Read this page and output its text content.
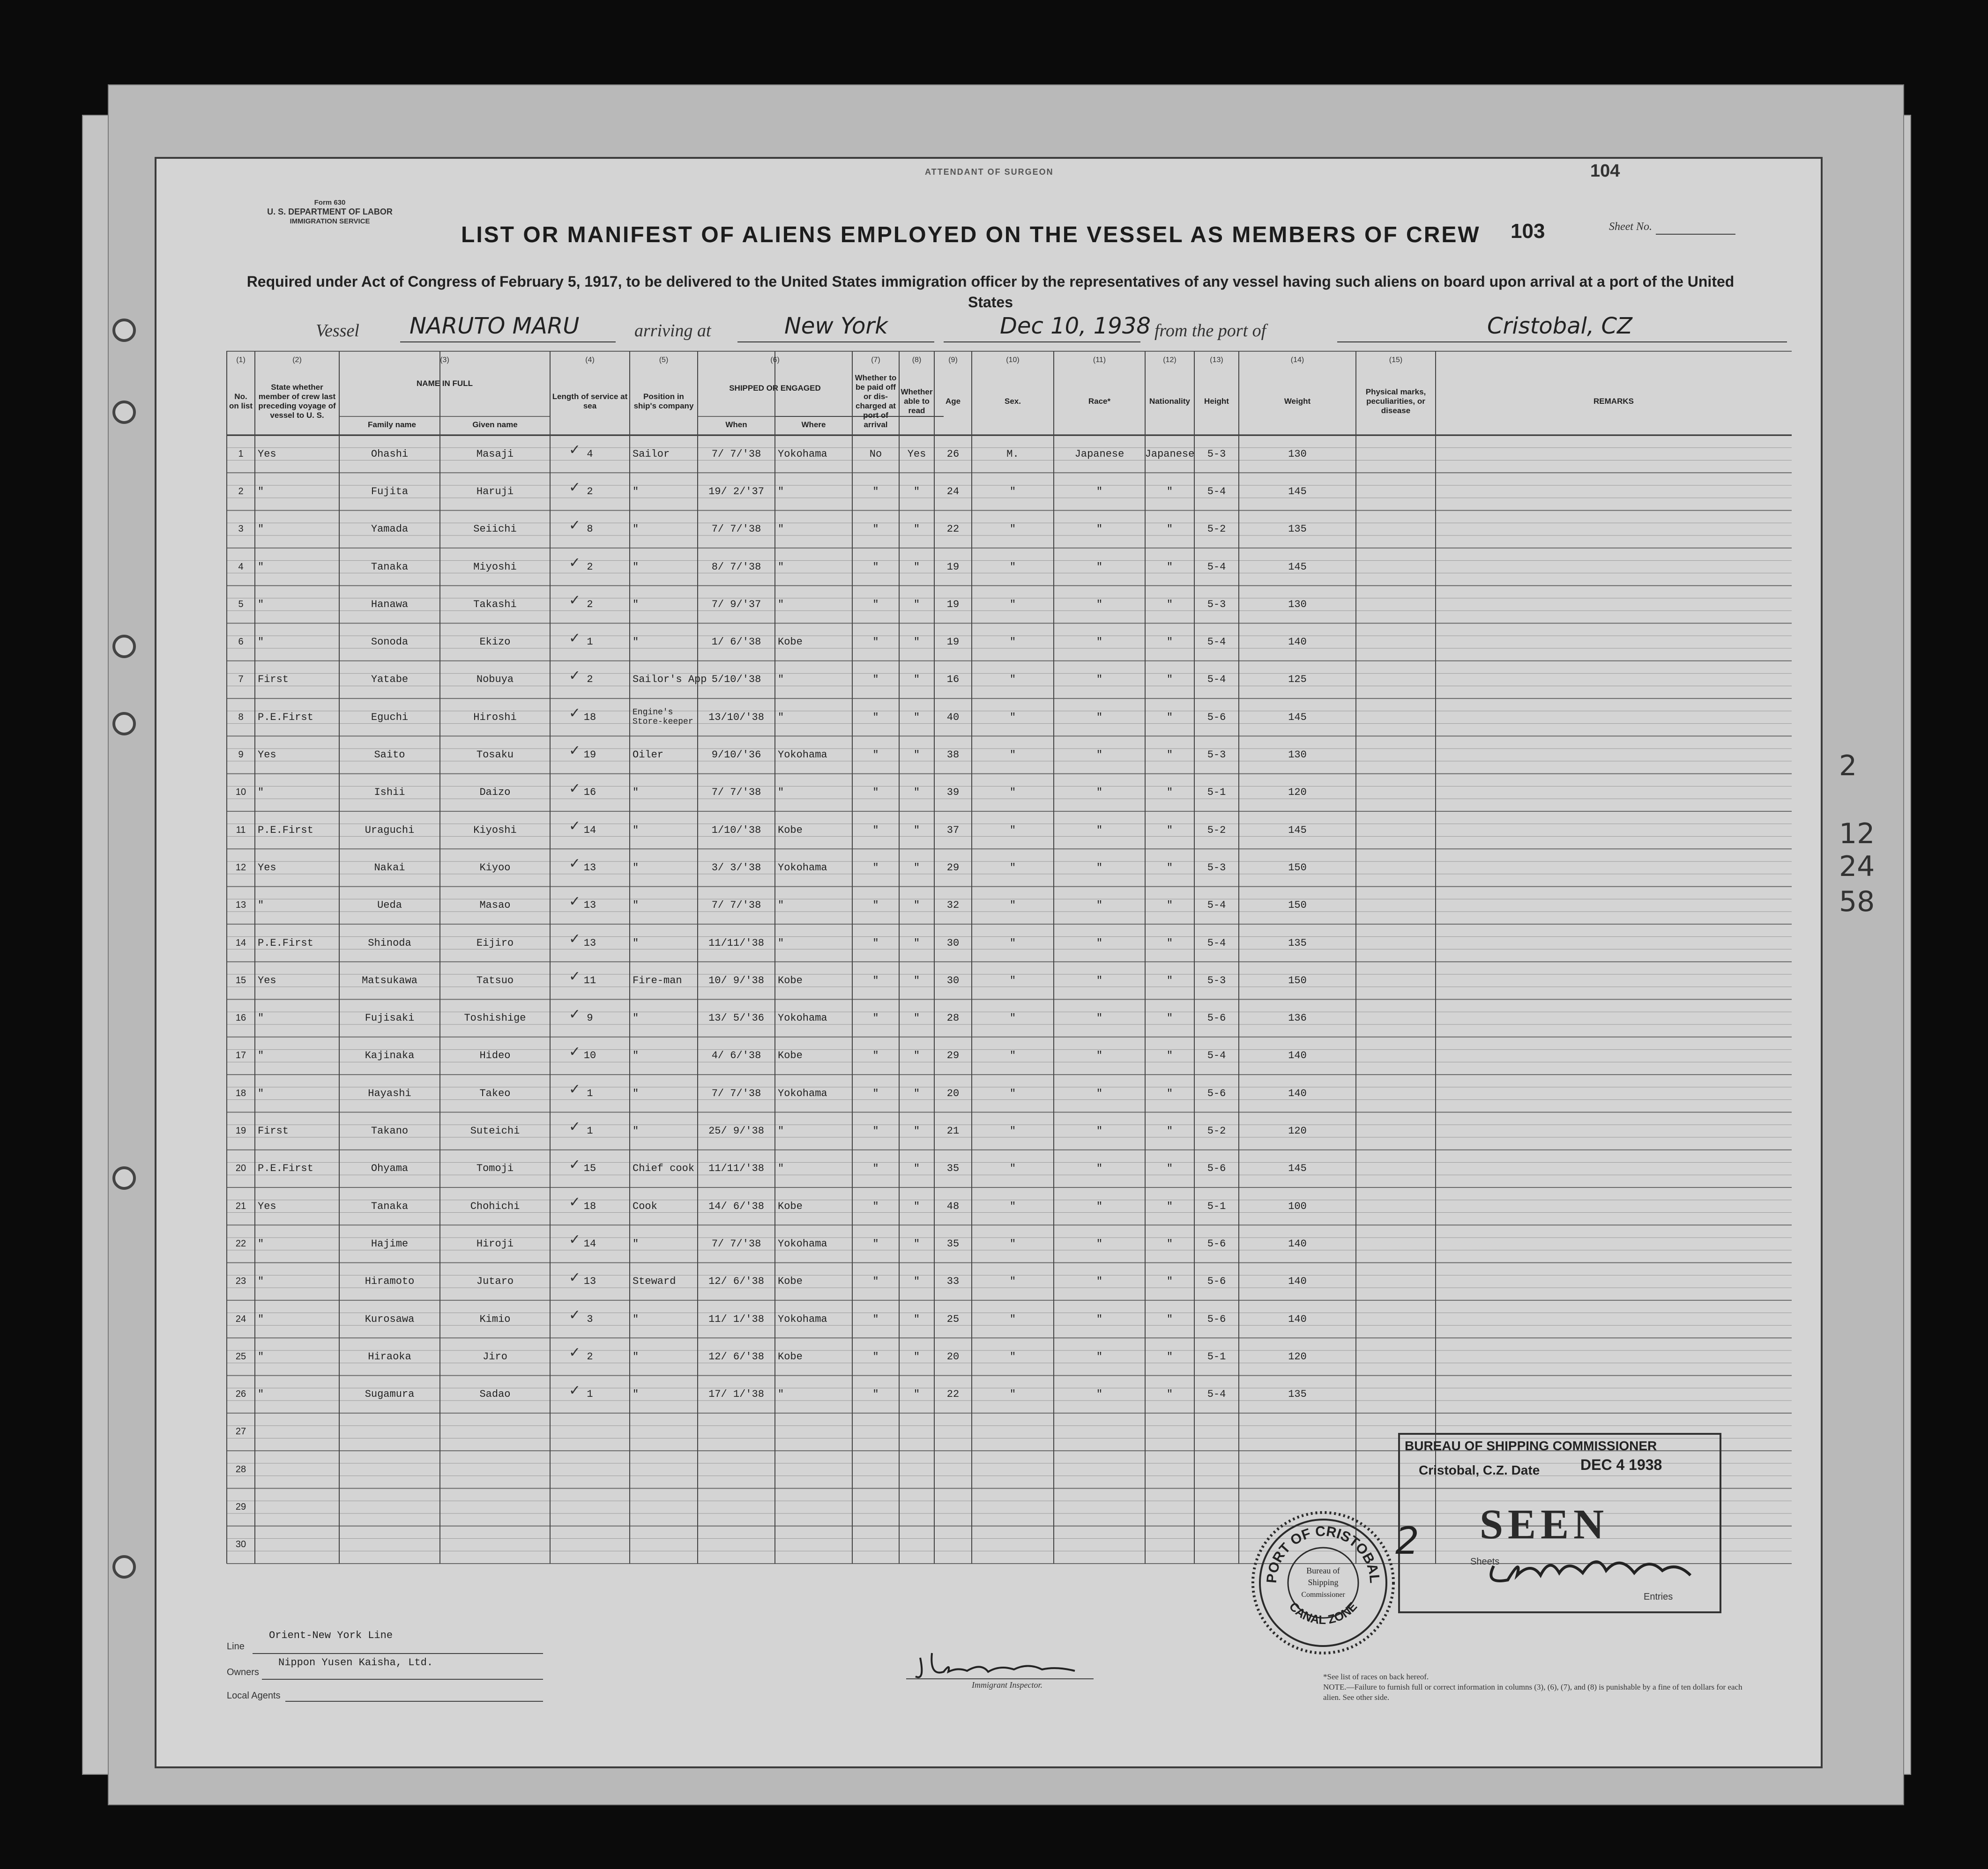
2
12
24
58
Form 630
U. S. DEPARTMENT OF LABOR
IMMIGRATION SERVICE
ATTENDANT OF SURGEON	104
Sheet No.
LIST OR MANIFEST OF ALIENS EMPLOYED ON THE VESSEL AS MEMBERS OF CREW 103
Required under Act of Congress of February 5, 1917, to be delivered to the United States immigration officer by the representatives of any vessel having such aliens on board upon arrival at a port of the United States
Vessel NARUTO MARU	arriving at	New York	Dec 10, 1938 from the port of	Cristobal, CZ
(1)	(2)	(3)	(4)	(5)	(6)	(7)	(8)	(9)	(10)	(11)	(12)	(13)	(14)	(15)
No. on list
State whether member of crew last preceding voyage of vessel to U. S.
Length of service at sea
Position in ship's company
Whether to be paid off or dis-charged at port of arrival
Whether able to read
Age	Sex.	Race*	Nationality	Height	Weight
Physical marks, peculiarities, or disease
REMARKS
NAME IN FULL
Family name	Given name
SHIPPED OR ENGAGED
When	Where
1	Yes	Ohashi	Masaji	4	Sailor	7/ 7/'38	Yokohama	No	Yes	26	M.	Japanese	Japanese	5-3	130
✓
2	"	Fujita	Haruji	2	"	19/ 2/'37	"	"	"	24	"	"	"	5-4	145
✓
3	"	Yamada	Seiichi	8	"	7/ 7/'38	"	"	"	22	"	"	"	5-2	135
✓
4	"	Tanaka	Miyoshi	2	"	8/ 7/'38	"	"	"	19	"	"	"	5-4	145
✓
5	"	Hanawa	Takashi	2	"	7/ 9/'37	"	"	"	19	"	"	"	5-3	130
✓
6	"	Sonoda	Ekizo	1	"	1/ 6/'38	Kobe	"	"	19	"	"	"	5-4	140
✓
7	First	Yatabe	Nobuya	2	Sailor's App 5/10/'38	"	"	"	16	"	"	"	5-4	125
✓
8	P.E.First	Eguchi	Hiroshi	18	Engine's Store-keeper	13/10/'38	"	"	"	40	"	"	"	5-6	145
✓
9	Yes	Saito	Tosaku	19	Oiler	9/10/'36	Yokohama	"	"	38	"	"	"	5-3	130
✓
10	"	Ishii	Daizo	16	"	7/ 7/'38	"	"	"	39	"	"	"	5-1	120
✓
11	P.E.First	Uraguchi	Kiyoshi	14	"	1/10/'38	Kobe	"	"	37	"	"	"	5-2	145
✓
12	Yes	Nakai	Kiyoo	13	"	3/ 3/'38	Yokohama	"	"	29	"	"	"	5-3	150
✓
13	"	Ueda	Masao	13	"	7/ 7/'38	"	"	"	32	"	"	"	5-4	150
✓
14	P.E.First	Shinoda	Eijiro	13	"	11/11/'38	"	"	"	30	"	"	"	5-4	135
✓
15	Yes	Matsukawa	Tatsuo	11	Fire-man	10/ 9/'38	Kobe	"	"	30	"	"	"	5-3	150
✓
16	"	Fujisaki	Toshishige	9	"	13/ 5/'36	Yokohama	"	"	28	"	"	"	5-6	136
✓
17	"	Kajinaka	Hideo	10	"	4/ 6/'38	Kobe	"	"	29	"	"	"	5-4	140
✓
18	"	Hayashi	Takeo	1	"	7/ 7/'38	Yokohama	"	"	20	"	"	"	5-6	140
✓
19	First	Takano	Suteichi	1	"	25/ 9/'38	"	"	"	21	"	"	"	5-2	120
✓
20	P.E.First	Ohyama	Tomoji	15	Chief cook	11/11/'38	"	"	"	35	"	"	"	5-6	145
✓
21	Yes	Tanaka	Chohichi	18	Cook	14/ 6/'38	Kobe	"	"	48	"	"	"	5-1	100
✓
22	"	Hajime	Hiroji	14	"	7/ 7/'38	Yokohama	"	"	35	"	"	"	5-6	140
✓
23	"	Hiramoto	Jutaro	13	Steward	12/ 6/'38	Kobe	"	"	33	"	"	"	5-6	140
✓
24	"	Kurosawa	Kimio	3	"	11/ 1/'38	Yokohama	"	"	25	"	"	"	5-6	140
✓
25	"	Hiraoka	Jiro	2	"	12/ 6/'38	Kobe	"	"	20	"	"	"	5-1	120
✓
26	"	Sugamura	Sadao	1	"	17/ 1/'38	"	"	"	22	"	"	"	5-4	135
✓
27
28
29
30
Line
Orient-New York Line
Owners
Nippon Yusen Kaisha, Ltd.
Local Agents
Immigrant Inspector.
*See list of races on back hereof.
NOTE.—Failure to furnish full or correct information in columns (3), (6), (7), and (8) is punishable by a fine of ten dollars for each alien. See other side.
PORT OF CRISTOBAL
CANAL ZONE
Bureau of
Shipping
Commissioner
BUREAU OF SHIPPING COMMISSIONER
Cristobal, C.Z. Date	DEC 4 1938
SEEN
2	Sheets
Entries
